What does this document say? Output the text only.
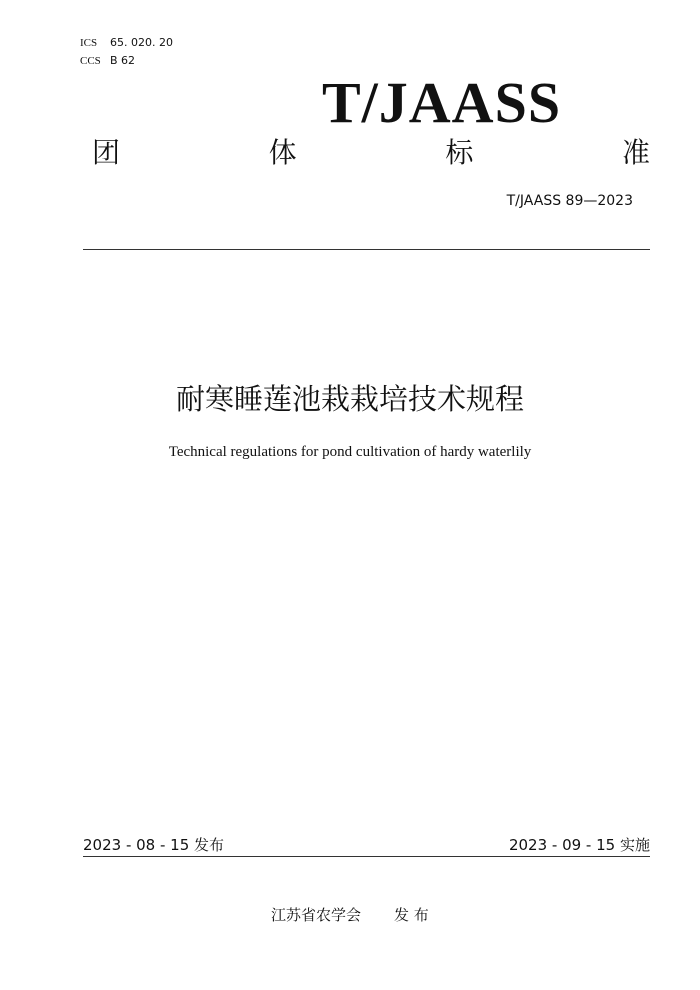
ICS 65. 020. 20
CCS B 62
T/JAASS
团	体	标	准
T/JAASS 89—2023
耐寒睡莲池栽栽培技术规程
Technical regulations for pond cultivation of hardy waterlily
2023 - 08 - 15 发布	2023 - 09 - 15 实施
江苏省农学会 发 布
